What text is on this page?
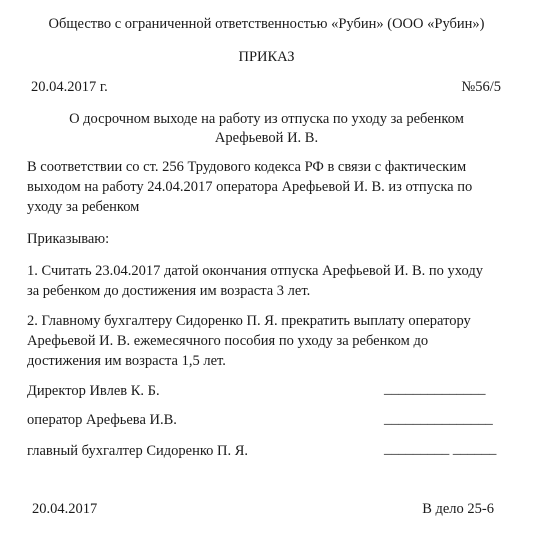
Общество с ограниченной ответственностью «Рубин» (ООО «Рубин»)
ПРИКАЗ
20.04.2017 г.	№56/5
О досрочном выходе на работу из отпуска по уходу за ребенком
Арефьевой И. В.
В соответствии со ст. 256 Трудового кодекса РФ в связи с фактическим
выходом на работу 24.04.2017 оператора Арефьевой И. В. из отпуска по
уходу за ребенком
Приказываю:
1. Считать 23.04.2017 датой окончания отпуска Арефьевой И. В. по уходу
за ребенком до достижения им возраста 3 лет.
2. Главному бухгалтеру Сидоренко П. Я. прекратить выплату оператору
Арефьевой И. В. ежемесячного пособия по уходу за ребенком до
достижения им возраста 1,5 лет.
Директор Ивлев К. Б.	______________
оператор Арефьева И.В.	_______________
главный бухгалтер Сидоренко П. Я.	_________ ______
20.04.2017	В дело 25-6
